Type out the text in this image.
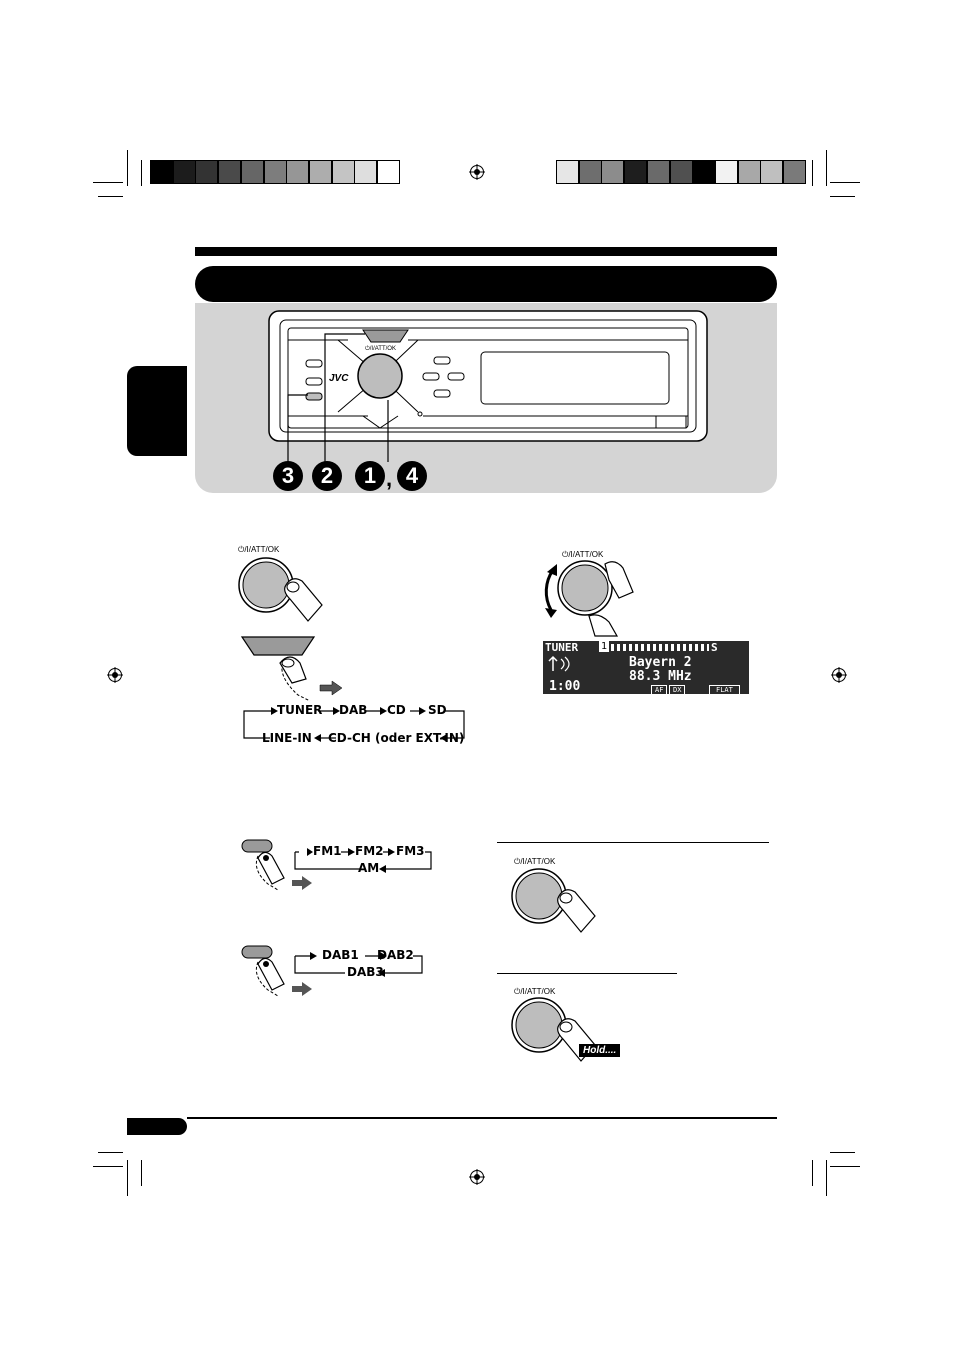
JVC
⏻/I/ATT/OK
3	2	1 , 4
⏻/I/ATT/OK
TUNER DAB CD SD
LINE-IN CD-CH (oder EXT-IN)
⏻/I/ATT/OK
TUNER 1	S
Bayern 2
88.3 MHz
1:00	AF	DX	FLAT
FM1 FM2 FM3
AM
DAB1 DAB2
DAB3
⏻/I/ATT/OK
⏻/I/ATT/OK
Hold....
